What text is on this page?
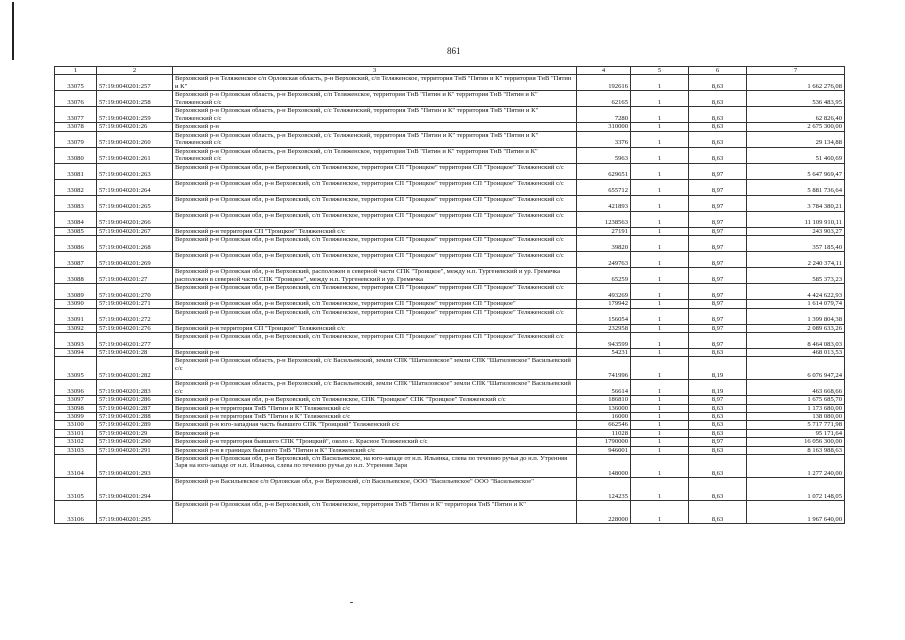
861
1	2	3	4	5	6	7
33075	57:19:0040201:257	Верховский р-н Теляженское с/п Орловская область, р-н Верховский, с/п Теляженское, территория ТнВ "Пятин и К" территория ТнВ "Пятин и К"	192616	1	8,63	1 662 276,08
33076	57:19:0040201:258	Верховский р-н Орловская область, р-н Верховский, с/п Теляженское, территория ТнВ "Пятин и К" территория ТнВ "Пятин и К" Теляженский с/с	62165	1	8,63	536 483,95
33077	57:19:0040201:259	Верховский р-н Орловская область, р-н Верховский, с/с Теляженский, территория ТнВ "Пятин и К" территория ТнВ "Пятин и К" Теляженский с/с	7280	1	8,63	62 826,40
33078	57:19:0040201:26	Верховский р-н	310000	1	8,63	2 675 300,00
33079	57:19:0040201:260	Верховский р-н Орловская область, р-н Верховский, с/с Теляженский, территория ТнВ "Пятин и К" территория ТнВ "Пятин и К" Теляженский с/с	3376	1	8,63	29 134,88
33080	57:19:0040201:261	Верховский р-н Орловская область, р-н Верховский, с/п Теляженское, территория ТнВ "Пятин и К" территория ТнВ "Пятин и К" Теляженский с/с	5963	1	8,63	51 460,69
33081	57:19:0040201:263	Верховский р-н Орловская обл, р-н Верховский, с/п Теляженское, территория СП "Троицкое" территория СП "Троицкое" Теляженский с/с	629651	1	8,97	5 647 969,47
33082	57:19:0040201:264	Верховский р-н Орловская обл, р-н Верховский, с/п Теляженское, территория СП "Троицкое" территория СП "Троицкое" Теляженский с/с	655712	1	8,97	5 881 736,64
33083	57:19:0040201:265	Верховский р-н Орловская обл, р-н Верховский, с/п Теляженское, территория СП "Троицкое" территория СП "Троицкое" Теляженский с/с	421893	1	8,97	3 784 380,21
33084	57:19:0040201:266	Верховский р-н Орловская обл, р-н Верховский, с/п Теляженское, территория СП "Троицкое" территория СП "Троицкое" Теляженский с/с	1238563	1	8,97	11 109 910,11
33085	57:19:0040201:267	Верховский р-н территория СП "Троицкое" Теляженский с/с	27191	1	8,97	243 903,27
33086	57:19:0040201:268	Верховский р-н Орловская обл, р-н Верховский, с/п Теляженское, территория СП "Троицкое" территория СП "Троицкое" Теляженский с/с	39820	1	8,97	357 185,40
33087	57:19:0040201:269	Верховский р-н Орловская обл, р-н Верховский, с/п Теляженское, территория СП "Троицкое" территория СП "Троицкое" Теляженский с/с	249763	1	8,97	2 240 374,11
33088	57:19:0040201:27	Верховский р-н Орловская обл, р-н Верховский, расположен в северной части СПК "Троицкое", между н.п. Тургеневский и ур. Гремячка расположен в северной части СПК "Троицкое", между н.п. Тургеневский и ур. Гремячка	65259	1	8,97	585 373,23
33089	57:19:0040201:270	Верховский р-н Орловская обл, р-н Верховский, с/п Теляженское, территория СП "Троицкое" территория СП "Троицкое" Теляженский с/с	493269	1	8,97	4 424 622,93
33090	57:19:0040201:271	Верховский р-н Орловская обл, р-н Верховский, с/п Теляженское, территория СП "Троицкое" территория СП "Троицкое"	179942	1	8,97	1 614 079,74
33091	57:19:0040201:272	Верховский р-н Орловская обл, р-н Верховский, с/п Теляженское, территория СП "Троицкое" территория СП "Троицкое" Теляженский с/с	156054	1	8,97	1 399 804,38
33092	57:19:0040201:276	Верховский р-н территория СП "Троицкое" Теляженский с/с	232958	1	8,97	2 089 633,26
33093	57:19:0040201:277	Верховский р-н Орловская обл, р-н Верховский, с/п Теляженское, территория СП "Троицкое" территория СП "Троицкое" Теляженский с/с	943599	1	8,97	8 464 083,03
33094	57:19:0040201:28	Верховский р-н	54231	1	8,63	468 013,53
33095	57:19:0040201:282	Верховский р-н Орловская область, р-н Верховский, с/с Васильевский, земли СПК "Шатиловское" земли СПК "Шатиловское" Васильевский с/с	741996	1	8,19	6 076 947,24
33096	57:19:0040201:283	Верховский р-н Орловская область, р-н Верховский, с/с Васильевский, земли СПК "Шатиловское" земли СПК "Шатиловское" Васильевский с/с	56614	1	8,19	463 668,66
33097	57:19:0040201:286	Верховский р-н Орловская обл, р-н Верховский, с/п Теляженское, СПК "Троицкое" СПК "Троицкое" Теляженский с/с	186810	1	8,97	1 675 685,70
33098	57:19:0040201:287	Верховский р-н территория ТнВ "Пятин и К" Теляженский с/с	136000	1	8,63	1 173 680,00
33099	57:19:0040201:288	Верховский р-н территория ТнВ "Пятин и К" Теляженский с/с	16000	1	8,63	138 080,00
33100	57:19:0040201:289	Верховский р-н юго-западная часть бывшего СПК "Троицкий" Теляженский с/с	662546	1	8,63	5 717 771,98
33101	57:19:0040201:29	Верховский р-н	11028	1	8,63	95 171,64
33102	57:19:0040201:290	Верховский р-н территория бывшего СПК "Троицкий", около с. Красное Теляженский с/с	1790000	1	8,97	16 056 300,00
33103	57:19:0040201:291	Верховский р-н в границах бывшего ТнВ "Пятин и К" Теляженский с/с	946001	1	8,63	8 163 988,63
33104	57:19:0040201:293	Верховский р-н Орловская обл, р-н Верховский, с/п Васильевское, на юго-западе от н.п. Ильинка, слева по течению ручья до н.п. Утренняя Заря на юго-западе от н.п. Ильинка, слева по течению ручья до н.п. Утренняя Заря	148000	1	8,63	1 277 240,00
33105	57:19:0040201:294	Верховский р-н Васильевское с/п Орловская обл, р-н Верховский, с/п Васильевское, ООО "Васильевское" ООО "Васильевское"	124235	1	8,63	1 072 148,05
33106	57:19:0040201:295	Верховский р-н Орловская обл, р-н Верховский, с/п Теляженское, территория ТнВ "Пятин и К" территория ТнВ "Пятин и К"	228000	1	8,63	1 967 640,00
